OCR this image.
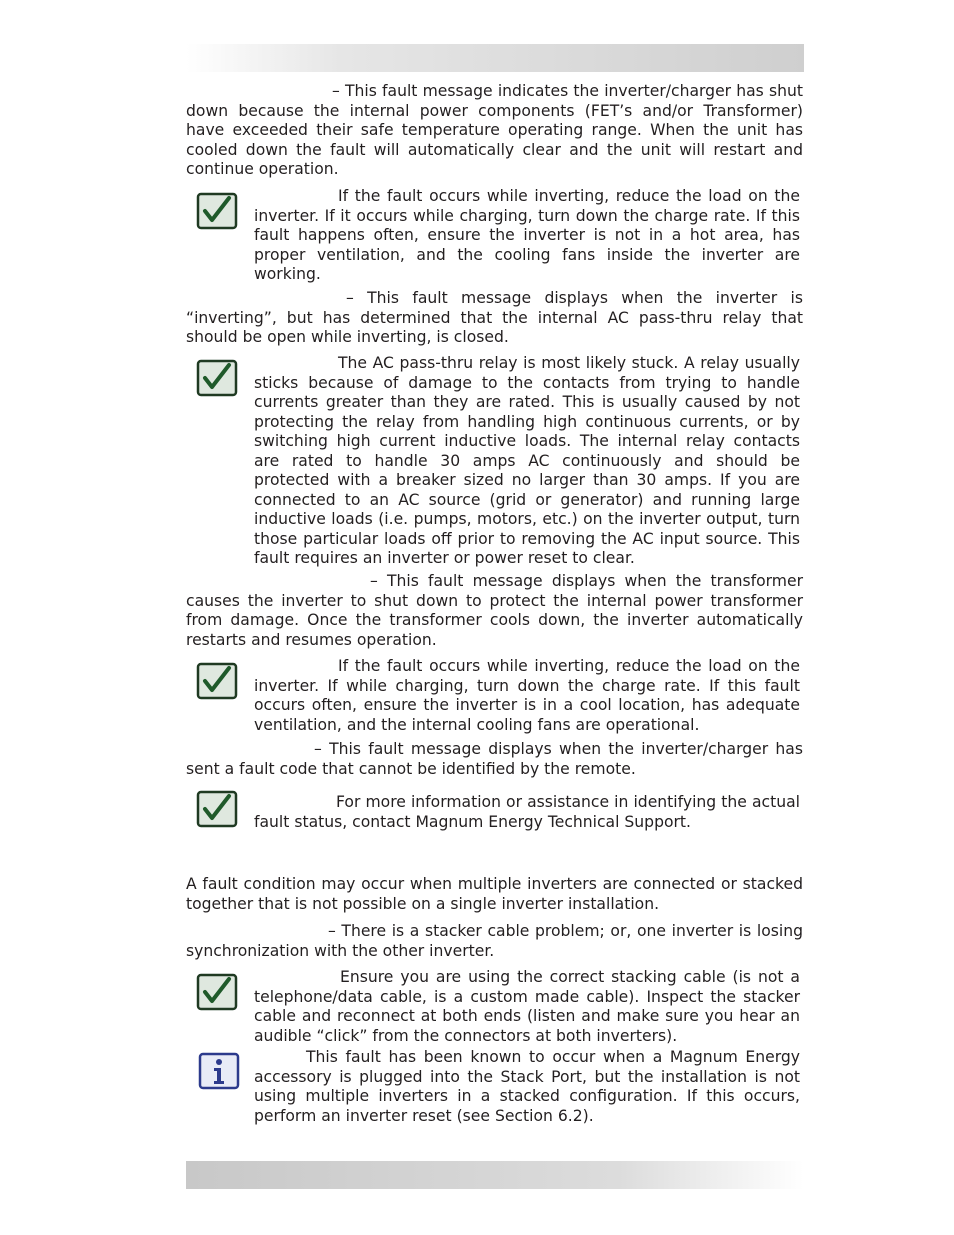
– This fault message indicates the inverter/charger has shut down because the internal power components (FET’s and/or Transformer) have exceeded their safe temperature operating range. When the unit has cooled down the fault will automatically clear and the unit will restart and continue operation.

If the fault occurs while inverting, reduce the load on the inverter. If it occurs while charging, turn down the charge rate. If this fault happens often, ensure the inverter is not in a hot area, has proper ventilation, and the cooling fans inside the inverter are working.

– This fault message displays when the inverter is “inverting”, but has determined that the internal AC pass-thru relay that should be open while inverting, is closed.

The AC pass-thru relay is most likely stuck. A relay usually sticks because of damage to the contacts from trying to handle currents greater than they are rated. This is usually caused by not protecting the relay from handling high continuous currents, or by switching high current inductive loads. The internal relay contacts are rated to handle 30 amps AC continuously and should be protected with a breaker sized no larger than 30 amps. If you are connected to an AC source (grid or generator) and running large inductive loads (i.e. pumps, motors, etc.) on the inverter output, turn those particular loads off prior to removing the AC input source. This fault requires an inverter or power reset to clear.

– This fault message displays when the transformer causes the inverter to shut down to protect the internal power transformer from damage. Once the transformer cools down, the inverter automatically restarts and resumes operation.

If the fault occurs while inverting, reduce the load on the inverter. If while charging, turn down the charge rate. If this fault occurs often, ensure the inverter is in a cool location, has adequate ventilation, and the internal cooling fans are operational.

– This fault message displays when the inverter/charger has sent a fault code that cannot be identified by the remote.

For more information or assistance in identifying the actual fault status, contact Magnum Energy Technical Support.

A fault condition may occur when multiple inverters are connected or stacked together that is not possible on a single inverter installation.

– There is a stacker cable problem; or, one inverter is losing synchronization with the other inverter.

Ensure you are using the correct stacking cable (is not a telephone/data cable, is a custom made cable). Inspect the stacker cable and reconnect at both ends (listen and make sure you hear an audible “click” from the connectors at both inverters).

This fault has been known to occur when a Magnum Energy accessory is plugged into the Stack Port, but the installation is not using multiple inverters in a stacked configuration. If this occurs, perform an inverter reset (see Section 6.2).
